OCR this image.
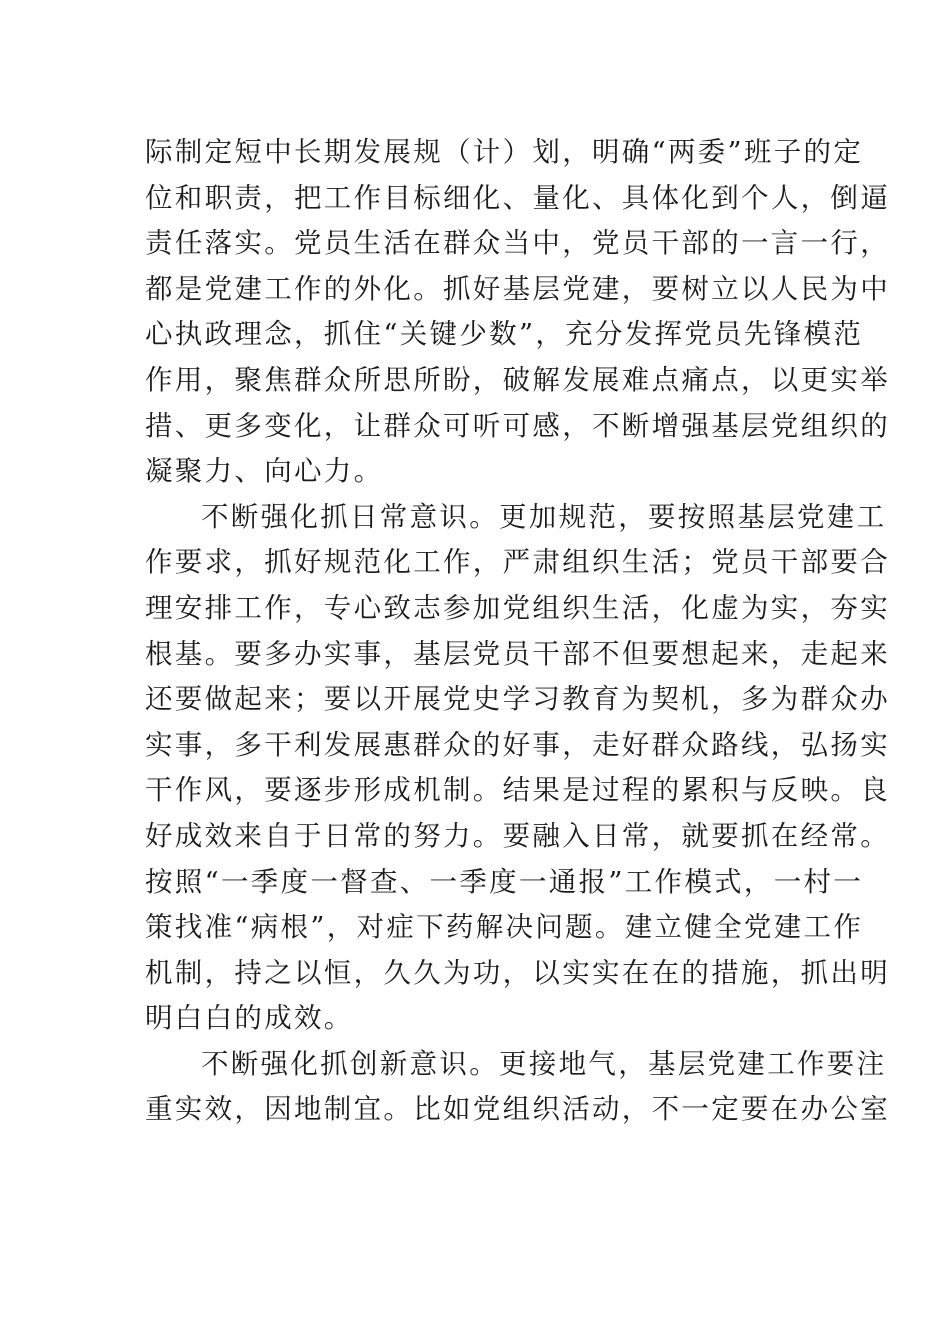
际制定短中长期发展规（计）划，明确“两委”班子的定
位和职责，把工作目标细化、量化、具体化到个人，倒逼
责任落实。党员生活在群众当中，党员干部的一言一行，
都是党建工作的外化。抓好基层党建，要树立以人民为中
心执政理念，抓住“关键少数”，充分发挥党员先锋模范
作用，聚焦群众所思所盼，破解发展难点痛点，以更实举
措、更多变化，让群众可听可感，不断增强基层党组织的
凝聚力、向心力。
不断强化抓日常意识。更加规范，要按照基层党建工
作要求，抓好规范化工作，严肃组织生活；党员干部要合
理安排工作，专心致志参加党组织生活，化虚为实，夯实
根基。要多办实事，基层党员干部不但要想起来，走起来
还要做起来；要以开展党史学习教育为契机，多为群众办
实事，多干利发展惠群众的好事，走好群众路线，弘扬实
干作风，要逐步形成机制。结果是过程的累积与反映。良
好成效来自于日常的努力。要融入日常，就要抓在经常。
按照“一季度一督查、一季度一通报”工作模式，一村一
策找准“病根”，对症下药解决问题。建立健全党建工作
机制，持之以恒，久久为功，以实实在在的措施，抓出明
明白白的成效。
不断强化抓创新意识。更接地气，基层党建工作要注
重实效，因地制宜。比如党组织活动，不一定要在办公室
